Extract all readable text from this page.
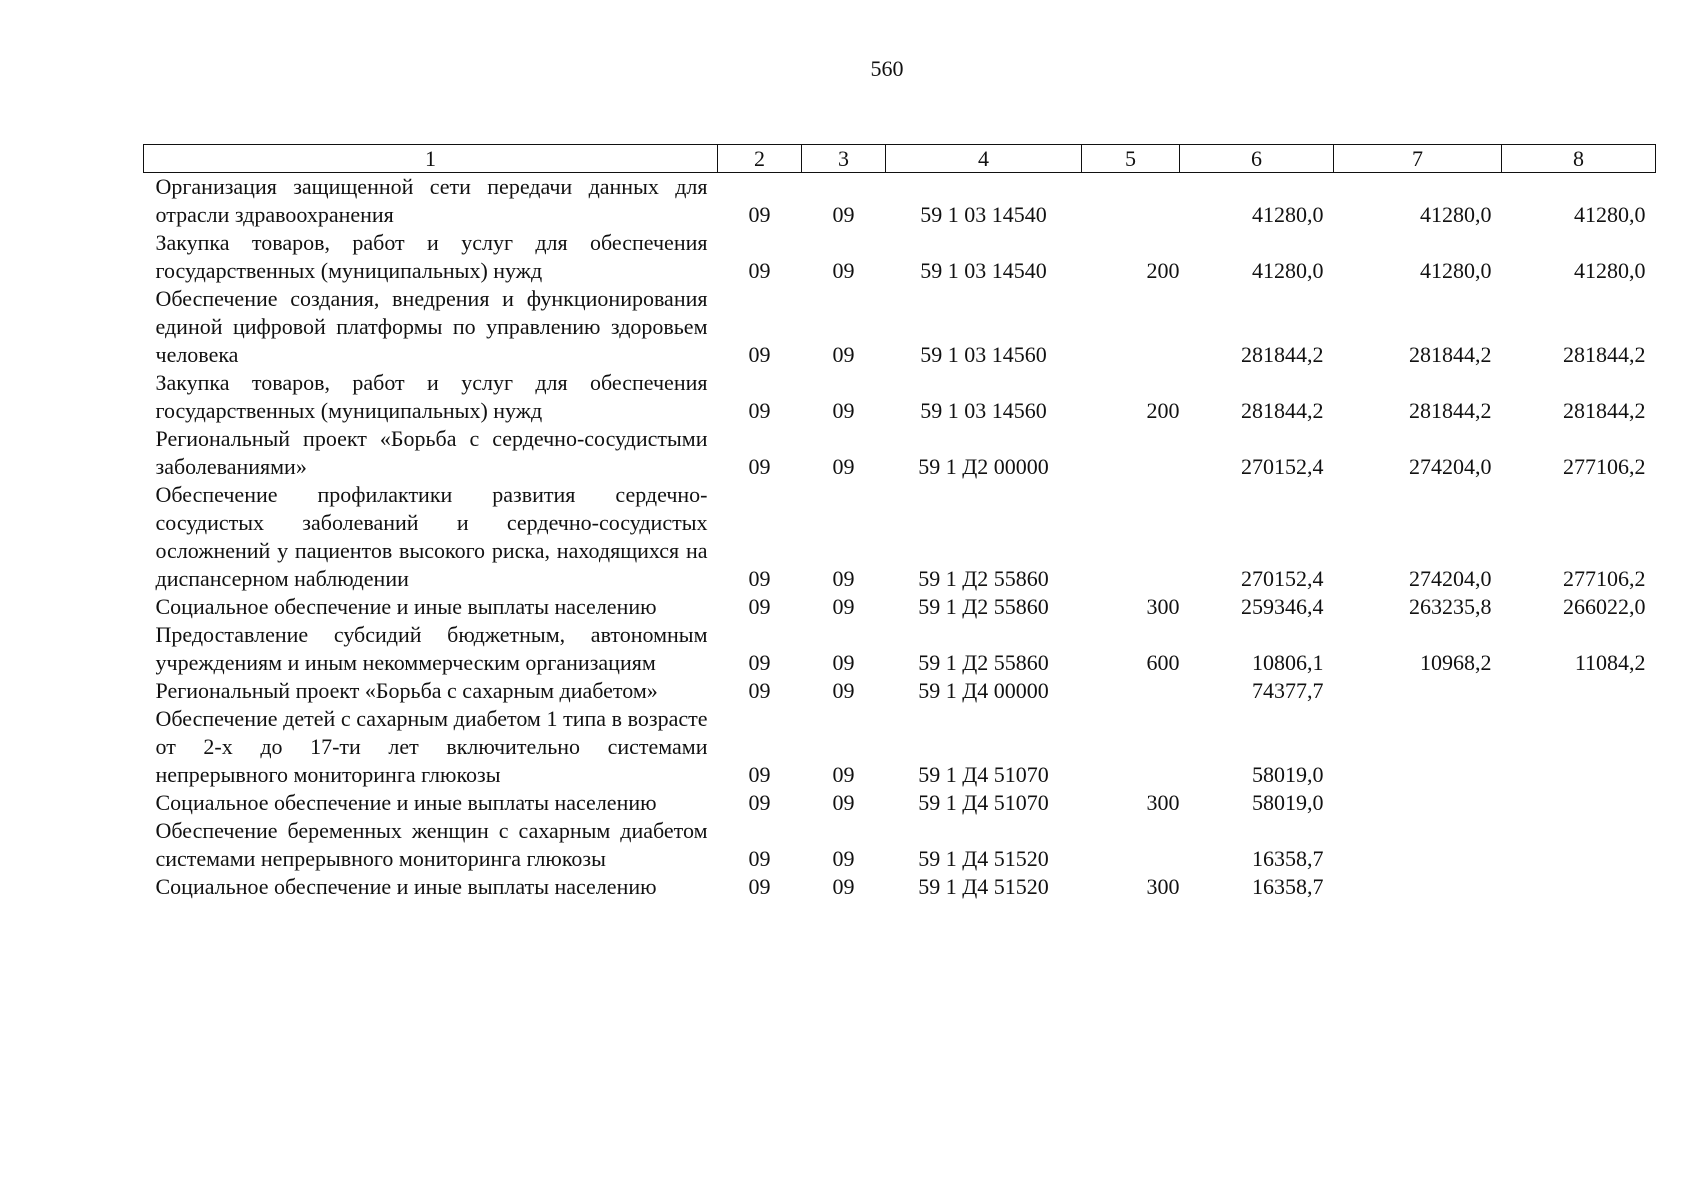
560
1	2	3	4	5	6	7	8
Организация защищенной сети передачи данных для отрасли здравоохранения	09	09	59 1 03 14540		41280,0	41280,0	41280,0
Закупка товаров, работ и услуг для обеспечения государственных (муниципальных) нужд	09	09	59 1 03 14540	200	41280,0	41280,0	41280,0
Обеспечение создания, внедрения и функционирования единой цифровой платформы по управлению здоровьем человека	09	09	59 1 03 14560		281844,2	281844,2	281844,2
Закупка товаров, работ и услуг для обеспечения государственных (муниципальных) нужд	09	09	59 1 03 14560	200	281844,2	281844,2	281844,2
Региональный проект «Борьба с сердечно-сосудистыми заболеваниями»	09	09	59 1 Д2 00000		270152,4	274204,0	277106,2
Обеспечение профилактики развития сердечно-сосудистых заболеваний и сердечно-сосудистых осложнений у пациентов высокого риска, находящихся на диспансерном наблюдении	09	09	59 1 Д2 55860		270152,4	274204,0	277106,2
Социальное обеспечение и иные выплаты населению	09	09	59 1 Д2 55860	300	259346,4	263235,8	266022,0
Предоставление субсидий бюджетным, автономным учреждениям и иным некоммерческим организациям	09	09	59 1 Д2 55860	600	10806,1	10968,2	11084,2
Региональный проект «Борьба с сахарным диабетом»	09	09	59 1 Д4 00000		74377,7		
Обеспечение детей с сахарным диабетом 1 типа в возрасте от 2-х до 17-ти лет включительно системами непрерывного мониторинга глюкозы	09	09	59 1 Д4 51070		58019,0		
Социальное обеспечение и иные выплаты населению	09	09	59 1 Д4 51070	300	58019,0		
Обеспечение беременных женщин с сахарным диабетом системами непрерывного мониторинга глюкозы	09	09	59 1 Д4 51520		16358,7		
Социальное обеспечение и иные выплаты населению	09	09	59 1 Д4 51520	300	16358,7		
